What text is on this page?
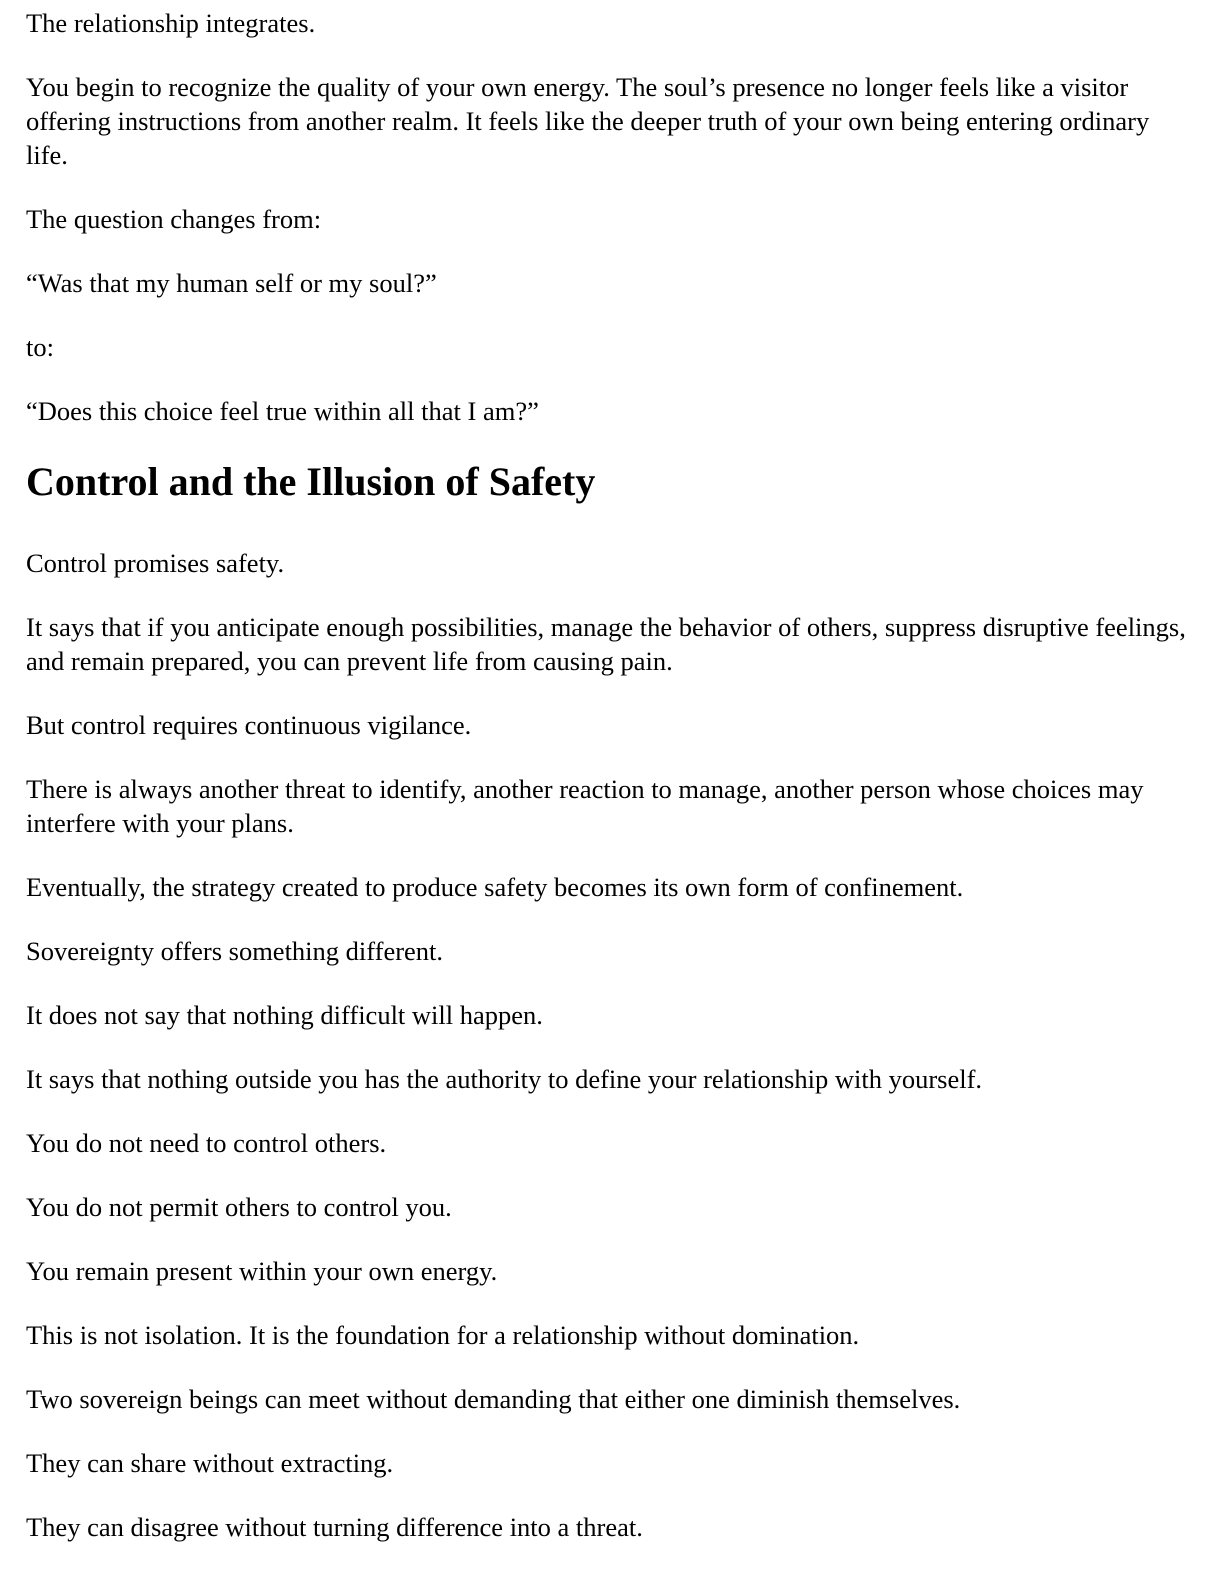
The relationship integrates.

You begin to recognize the quality of your own energy. The soul’s presence no longer feels like a visitor offering instructions from another realm. It feels like the deeper truth of your own being entering ordinary life.

The question changes from:

“Was that my human self or my soul?”

to:

“Does this choice feel true within all that I am?”

Control and the Illusion of Safety

Control promises safety.

It says that if you anticipate enough possibilities, manage the behavior of others, suppress disruptive feelings, and remain prepared, you can prevent life from causing pain.

But control requires continuous vigilance.

There is always another threat to identify, another reaction to manage, another person whose choices may interfere with your plans.

Eventually, the strategy created to produce safety becomes its own form of confinement.

Sovereignty offers something different.

It does not say that nothing difficult will happen.

It says that nothing outside you has the authority to define your relationship with yourself.

You do not need to control others.

You do not permit others to control you.

You remain present within your own energy.

This is not isolation. It is the foundation for a relationship without domination.

Two sovereign beings can meet without demanding that either one diminish themselves.

They can share without extracting.

They can disagree without turning difference into a threat.
